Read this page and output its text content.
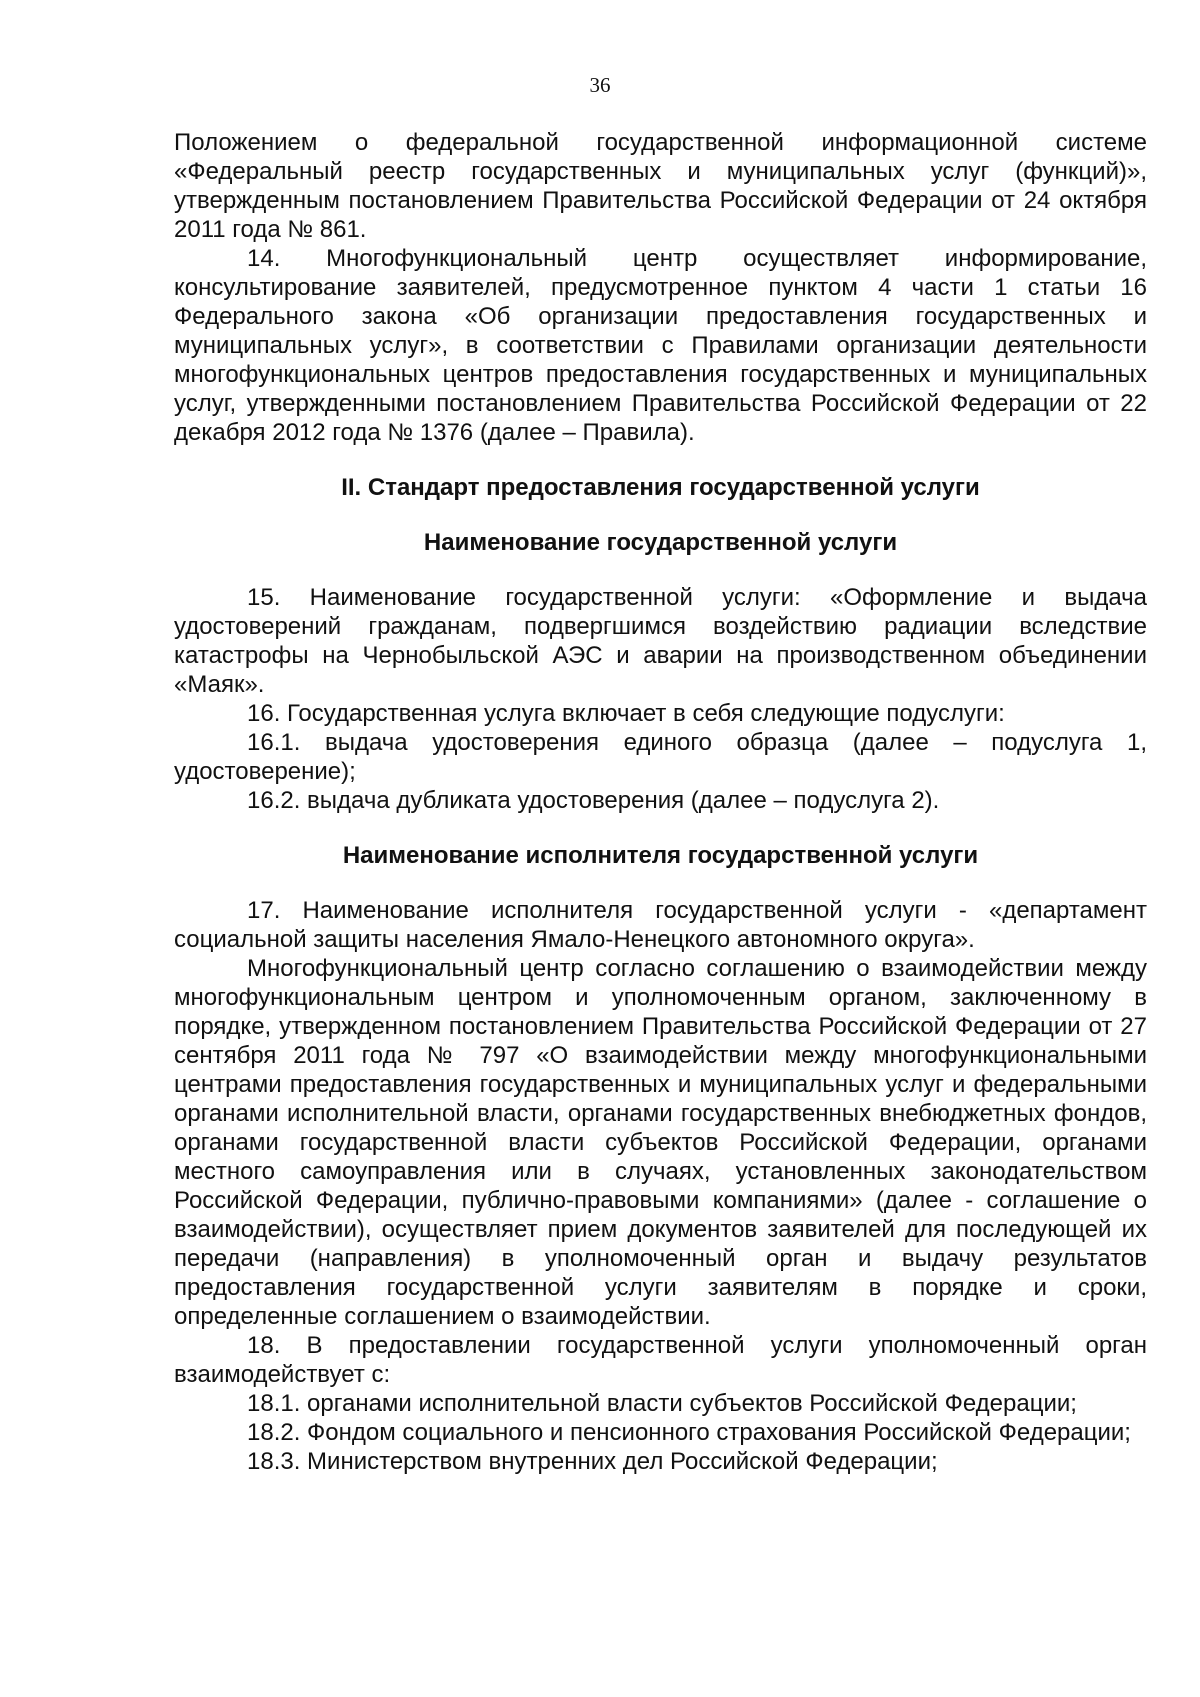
36

Положением о федеральной государственной информационной системе «Федеральный реестр государственных и муниципальных услуг (функций)», утвержденным постановлением Правительства Российской Федерации от 24 октября 2011 года № 861.

14. Многофункциональный центр осуществляет информирование, консультирование заявителей, предусмотренное пунктом 4 части 1 статьи 16 Федерального закона «Об организации предоставления государственных и муниципальных услуг», в соответствии с Правилами организации деятельности многофункциональных центров предоставления государственных и муниципальных услуг, утвержденными постановлением Правительства Российской Федерации от 22 декабря 2012 года № 1376 (далее – Правила).

II. Стандарт предоставления государственной услуги
Наименование государственной услуги

15. Наименование государственной услуги: «Оформление и выдача удостоверений гражданам, подвергшимся воздействию радиации вследствие катастрофы на Чернобыльской АЭС и аварии на производственном объединении «Маяк».

16. Государственная услуга включает в себя следующие подуслуги:

16.1. выдача удостоверения единого образца (далее – подуслуга 1, удостоверение);

16.2. выдача дубликата удостоверения (далее – подуслуга 2).

Наименование исполнителя государственной услуги

17. Наименование исполнителя государственной услуги - «департамент социальной защиты населения Ямало-Ненецкого автономного округа».

Многофункциональный центр согласно соглашению о взаимодействии между многофункциональным центром и уполномоченным органом, заключенному в порядке, утвержденном постановлением Правительства Российской Федерации от 27 сентября 2011 года № 797 «О взаимодействии между многофункциональными центрами предоставления государственных и муниципальных услуг и федеральными органами исполнительной власти, органами государственных внебюджетных фондов, органами государственной власти субъектов Российской Федерации, органами местного самоуправления или в случаях, установленных законодательством Российской Федерации, публично-правовыми компаниями» (далее - соглашение о взаимодействии), осуществляет прием документов заявителей для последующей их передачи (направления) в уполномоченный орган и выдачу результатов предоставления государственной услуги заявителям в порядке и сроки, определенные соглашением о взаимодействии.

18. В предоставлении государственной услуги уполномоченный орган взаимодействует с:

18.1. органами исполнительной власти субъектов Российской Федерации;

18.2. Фондом социального и пенсионного страхования Российской Федерации;

18.3. Министерством внутренних дел Российской Федерации;
